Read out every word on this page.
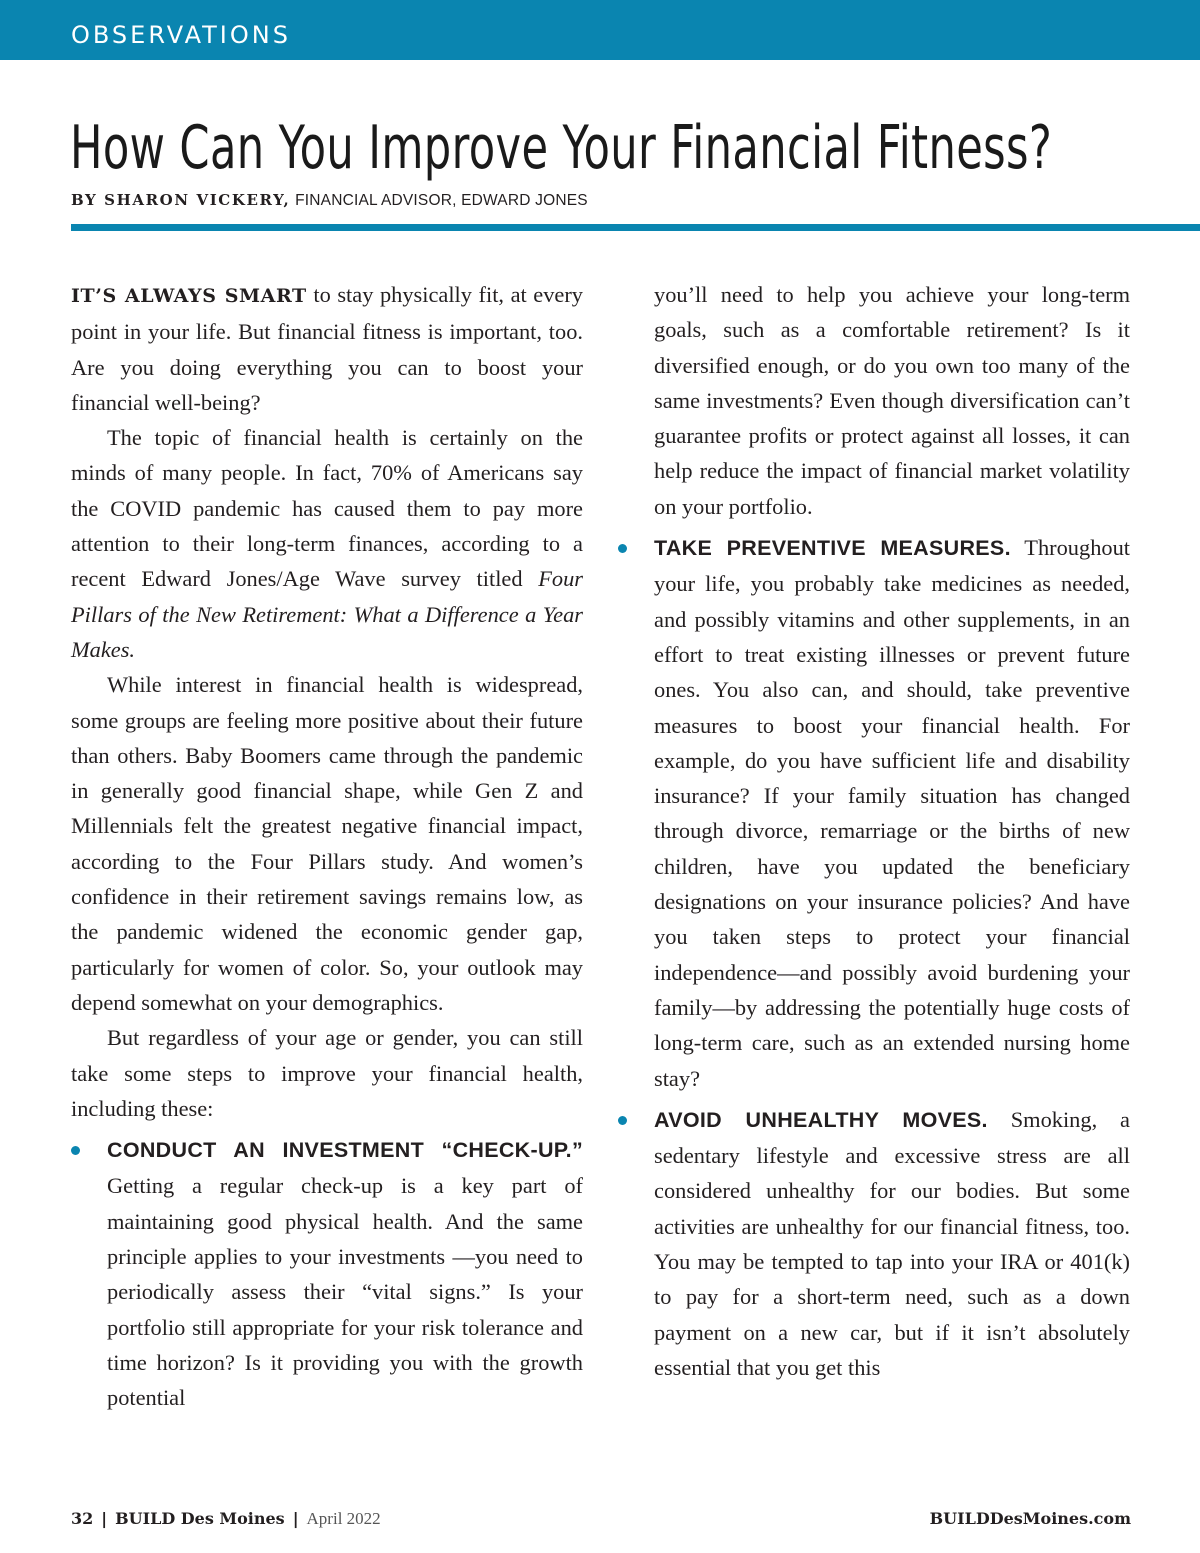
OBSERVATIONS
How Can You Improve Your Financial Fitness?
BY SHARON VICKERY, FINANCIAL ADVISOR, EDWARD JONES

IT’S ALWAYS SMART to stay physically fit, at every point in your life. But financial fitness is important, too. Are you doing everything you can to boost your financial well-being?

The topic of financial health is certainly on the minds of many people. In fact, 70% of Americans say the COVID pandemic has caused them to pay more attention to their long-term finances, according to a recent Edward Jones/Age Wave survey titled Four Pillars of the New Retirement: What a Difference a Year Makes.

While interest in financial health is widespread, some groups are feeling more positive about their future than others. Baby Boomers came through the pandemic in generally good financial shape, while Gen Z and Millennials felt the greatest negative financial impact, according to the Four Pillars study. And women’s confidence in their retirement savings remains low, as the pandemic widened the economic gender gap, particularly for women of color. So, your outlook may depend somewhat on your demographics.

But regardless of your age or gender, you can still take some steps to improve your financial health, including these:

CONDUCT AN INVESTMENT “CHECK-UP.” Getting a regular check-up is a key part of maintaining good physical health. And the same principle applies to your investments —you need to periodically assess their “vital signs.” Is your portfolio still appropriate for your risk tolerance and time horizon? Is it providing you with the growth potential

you’ll need to help you achieve your long-term goals, such as a comfortable retirement? Is it diversified enough, or do you own too many of the same investments? Even though diversification can’t guarantee profits or protect against all losses, it can help reduce the impact of financial market volatility on your portfolio.

TAKE PREVENTIVE MEASURES. Throughout your life, you probably take medicines as needed, and possibly vitamins and other supplements, in an effort to treat existing illnesses or prevent future ones. You also can, and should, take preventive measures to boost your financial health. For example, do you have sufficient life and disability insurance? If your family situation has changed through divorce, remarriage or the births of new children, have you updated the beneficiary designations on your insurance policies? And have you taken steps to protect your financial independence—and possibly avoid burdening your family—by addressing the potentially huge costs of long-term care, such as an extended nursing home stay?

AVOID UNHEALTHY MOVES. Smoking, a sedentary lifestyle and excessive stress are all considered unhealthy for our bodies. But some activities are unhealthy for our financial fitness, too. You may be tempted to tap into your IRA or 401(k) to pay for a short-term need, such as a down payment on a new car, but if it isn’t absolutely essential that you get this

32 | BUILD Des Moines | April 2022	BUILDDesMoines.com
